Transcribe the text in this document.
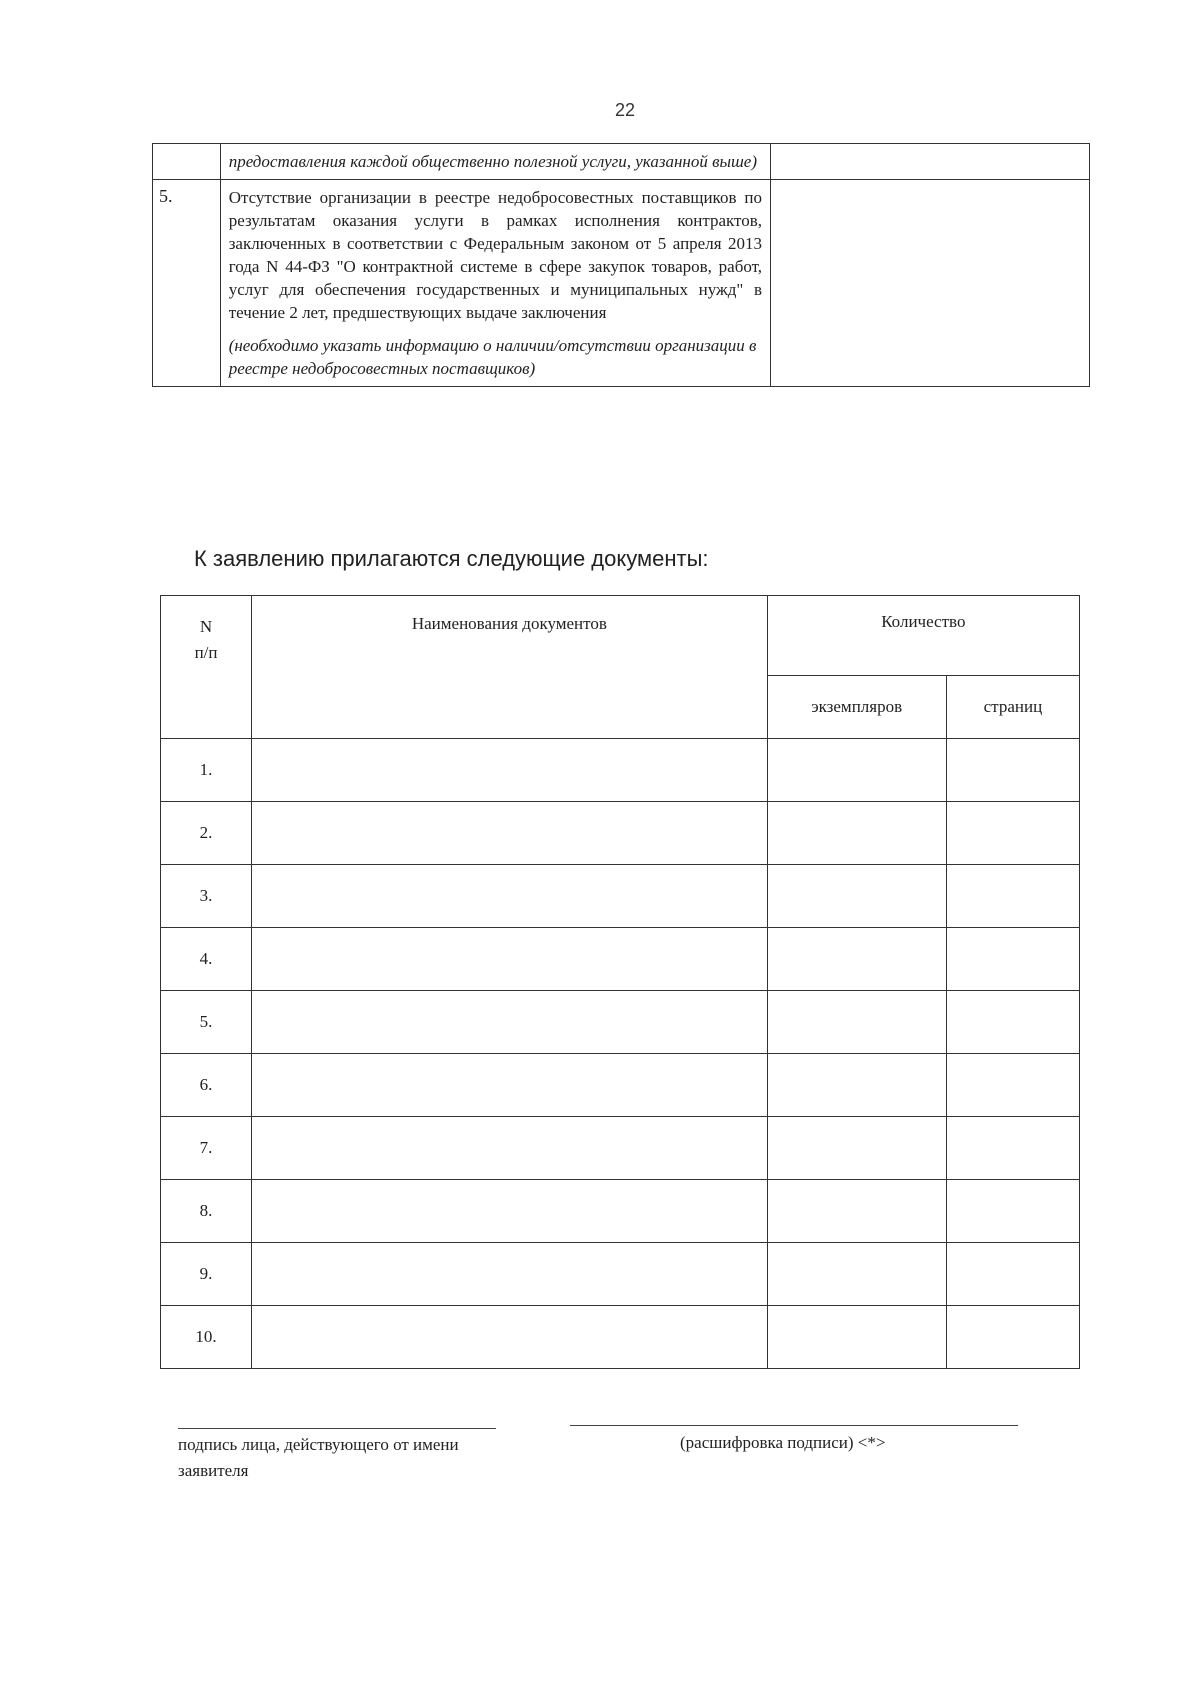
22
	предоставления каждой общественно полезной услуги, указанной выше)	
5.	Отсутствие организации в реестре недобросовестных поставщиков по результатам оказания услуги в рамках исполнения контрактов, заключенных в соответствии с Федеральным законом от 5 апреля 2013 года N 44-ФЗ "О контрактной системе в сфере закупок товаров, работ, услуг для обеспечения государственных и муниципальных нужд" в течение 2 лет, предшествующих выдаче заключения
(необходимо указать информацию о наличии/отсутствии организации в реестре недобросовестных поставщиков)	

К заявлению прилагаются следующие документы:
N
п/п	Наименования документов	Количество	
		экземпляров	страниц
1.			
2.			
3.			
4.			
5.			
6.			
7.			
8.			
9.			
10.			
подпись лица, действующего от имени заявителя
(расшифровка подписи) <*>
